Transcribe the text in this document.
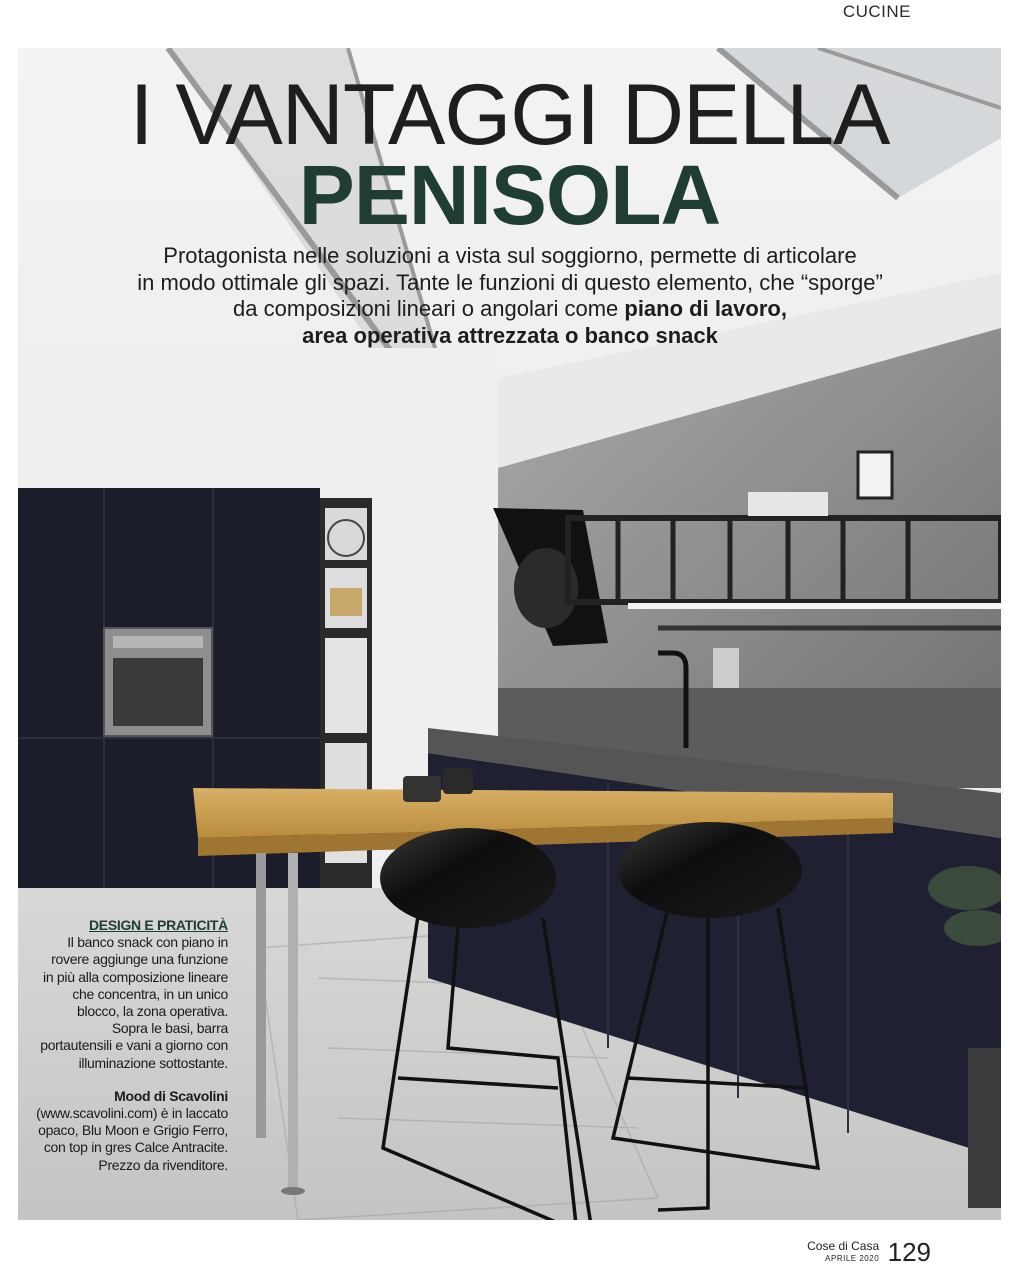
CUCINE
I VANTAGGI DELLA
PENISOLA
Protagonista nelle soluzioni a vista sul soggiorno, permette di articolare
in modo ottimale gli spazi. Tante le funzioni di questo elemento, che “sporge”
da composizioni lineari o angolari come piano di lavoro,
area operativa attrezzata o banco snack
DESIGN E PRATICITÀ
Il banco snack con piano in
rovere aggiunge una funzione
in più alla composizione lineare
che concentra, in un unico
blocco, la zona operativa.
Sopra le basi, barra
portautensili e vani a giorno con
illuminazione sottostante.
Mood di Scavolini
(www.scavolini.com) è in laccato
opaco, Blu Moon e Grigio Ferro,
con top in gres Calce Antracite.
Prezzo da rivenditore.
Cose di Casa
APRILE 2020 129
